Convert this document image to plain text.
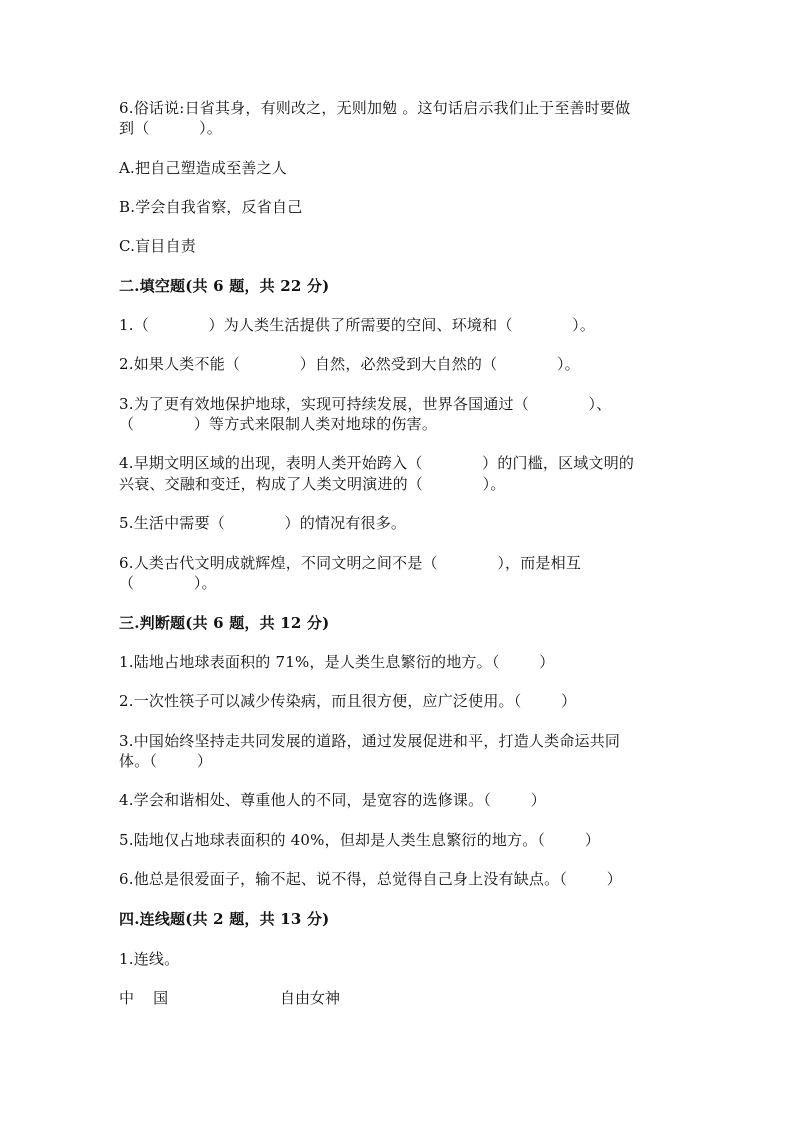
6.俗话说:日省其身，有则改之，无则加勉 。这句话启示我们止于至善时要做
到（          ）。
A.把自己塑造成至善之人
B.学会自我省察，反省自己
C.盲目自责
二.填空题(共 6 题，共 22 分)
1.（            ）为人类生活提供了所需要的空间、环境和（            ）。
2.如果人类不能（            ）自然，必然受到大自然的（            ）。
3.为了更有效地保护地球，实现可持续发展，世界各国通过（            ）、
（            ）等方式来限制人类对地球的伤害。
4.早期文明区域的出现，表明人类开始跨入（            ）的门槛，区域文明的
兴衰、交融和变迁，构成了人类文明演进的（            ）。
5.生活中需要（            ）的情况有很多。
6.人类古代文明成就辉煌，不同文明之间不是（            ），而是相互
（            ）。
三.判断题(共 6 题，共 12 分)
1.陆地占地球表面积的 71%，是人类生息繁衍的地方。（        ）
2.一次性筷子可以减少传染病，而且很方便，应广泛使用。（        ）
3.中国始终坚持走共同发展的道路，通过发展促进和平，打造人类命运共同
体。（        ）
4.学会和谐相处、尊重他人的不同，是宽容的选修课。（        ）
5.陆地仅占地球表面积的 40%，但却是人类生息繁衍的地方。（        ）
6.他总是很爱面子，输不起、说不得，总觉得自己身上没有缺点。（        ）
四.连线题(共 2 题，共 13 分)
1.连线。
中    国	自由女神
